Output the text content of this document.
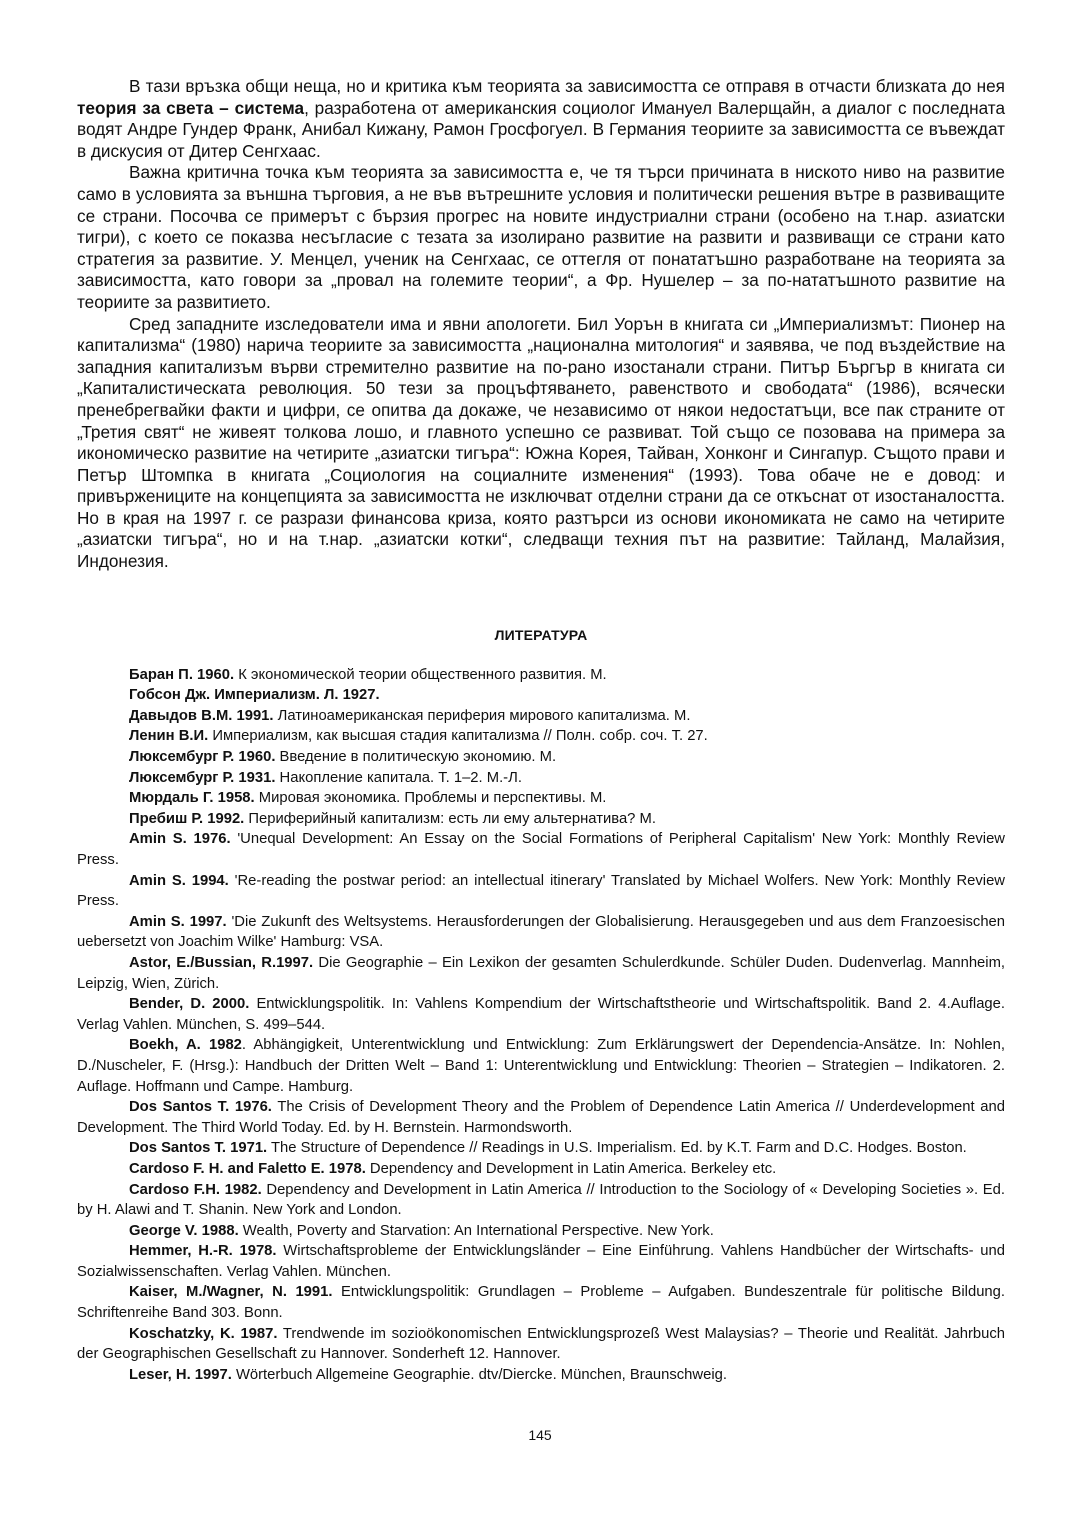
В тази връзка общи неща, но и критика към теорията за зависимостта се отправя в отчасти близката до нея теория за света – система, разработена от американския социолог Имануел Валерщайн, а диалог с последната водят Андре Гундер Франк, Анибал Кижану, Рамон Гросфогуел. В Германия теориите за зависимостта се въвеждат в дискусия от Дитер Сенгхаас.

Важна критична точка към теорията за зависимостта е, че тя търси причината в ниското ниво на развитие само в условията за външна търговия, а не във вътрешните условия и политически решения вътре в развиващите се страни. Посочва се примерът с бързия прогрес на новите индустриални страни (особено на т.нар. азиатски тигри), с което се показва несъгласие с тезата за изолирано развитие на развити и развиващи се страни като стратегия за развитие. У. Менцел, ученик на Сенгхаас, се оттегля от понататъшно разработване на теорията за зависимостта, като говори за „провал на големите теории“, а Фр. Нушелер – за по-нататъшното развитие на теориите за развитието.

Сред западните изследователи има и явни апологети. Бил Уорън в книгата си „Империализмът: Пионер на капитализма“ (1980) нарича теориите за зависимостта „национална митология“ и заявява, че под въздействие на западния капитализъм върви стремително развитие на по-рано изостанали страни. Питър Бъргър в книгата си „Капиталистическата революция. 50 тези за процъфтяването, равенството и свободата“ (1986), всячески пренебрегвайки факти и цифри, се опитва да докаже, че независимо от някои недостатъци, все пак страните от „Третия свят“ не живеят толкова лошо, и главното успешно се развиват. Той също се позовава на примера за икономическо развитие на четирите „азиатски тигъра“: Южна Корея, Тайван, Хонконг и Сингапур. Същото прави и Петър Штомпка в книгата „Социология на социалните изменения“ (1993). Това обаче не е довод: и привържениците на концепцията за зависимостта не изключват отделни страни да се откъснат от изостаналостта. Но в края на 1997 г. се разрази финансова криза, която разтърси из основи икономиката не само на четирите „азиатски тигъра“, но и на т.нар. „азиатски котки“, следващи техния път на развитие: Тайланд, Малайзия, Индонезия.

ЛИТЕРАТУРА

Баран П. 1960. К экономической теории общественного развития. М.

Гобсон Дж. Империализм. Л. 1927.

Давыдов В.М. 1991. Латиноамериканская периферия мирового капитализма. М.

Ленин В.И. Империализм, как высшая стадия капитализма // Полн. собр. соч. Т. 27.

Люксембург Р. 1960. Введение в политическую экономию. М.

Люксембург Р. 1931. Накопление капитала. Т. 1–2. М.-Л.

Мюрдаль Г. 1958. Мировая экономика. Проблемы и перспективы. М.

Пребиш Р. 1992. Периферийный капитализм: есть ли ему альтернатива? М.

Amin S. 1976. 'Unequal Development: An Essay on the Social Formations of Peripheral Capitalism' New York: Monthly Review Press.

Amin S. 1994. 'Re-reading the postwar period: an intellectual itinerary' Translated by Michael Wolfers. New York: Monthly Review Press.

Amin S. 1997. 'Die Zukunft des Weltsystems. Herausforderungen der Globalisierung. Herausgegeben und aus dem Franzoesischen uebersetzt von Joachim Wilke' Hamburg: VSA.

Astor, E./Bussian, R.1997. Die Geographie – Ein Lexikon der gesamten Schulerdkunde. Schüler Duden. Dudenverlag. Mannheim, Leipzig, Wien, Zürich.

Bender, D. 2000. Entwicklungspolitik. In: Vahlens Kompendium der Wirtschaftstheorie und Wirtschaftspolitik. Band 2. 4.Auflage. Verlag Vahlen. München, S. 499–544.

Boekh, A. 1982. Abhängigkeit, Unterentwicklung und Entwicklung: Zum Erklärungswert der Dependencia-Ansätze. In: Nohlen, D./Nuscheler, F. (Hrsg.): Handbuch der Dritten Welt – Band 1: Unterentwicklung und Entwicklung: Theorien – Strategien – Indikatoren. 2. Auflage. Hoffmann und Campe. Hamburg.

Dos Santos T. 1976. The Crisis of Development Theory and the Problem of Dependence Latin America // Underdevelopment and Development. The Third World Today. Ed. by H. Bernstein. Harmondsworth.

Dos Santos T. 1971. The Structure of Dependence // Readings in U.S. Imperialism. Ed. by K.T. Farm and D.C. Hodges. Boston.

Cardoso F. H. and Faletto E. 1978. Dependency and Development in Latin America. Berkeley etc.

Cardoso F.H. 1982. Dependency and Development in Latin America // Introduction to the Sociology of « Developing Societies ». Ed. by H. Alawi and T. Shanin. New York and London.

George V. 1988. Wealth, Poverty and Starvation: An International Perspective. New York.

Hemmer, H.-R. 1978. Wirtschaftsprobleme der Entwicklungsländer – Eine Einführung. Vahlens Handbücher der Wirtschafts- und Sozialwissenschaften. Verlag Vahlen. München.

Kaiser, M./Wagner, N. 1991. Entwicklungspolitik: Grundlagen – Probleme – Aufgaben. Bundeszentrale für politische Bildung. Schriftenreihe Band 303. Bonn.

Koschatzky, K. 1987. Trendwende im sozioökonomischen Entwicklungsprozeß West Malaysias? – Theorie und Realität. Jahrbuch der Geographischen Gesellschaft zu Hannover. Sonderheft 12. Hannover.

Leser, H. 1997. Wörterbuch Allgemeine Geographie. dtv/Diercke. München, Braunschweig.

145
